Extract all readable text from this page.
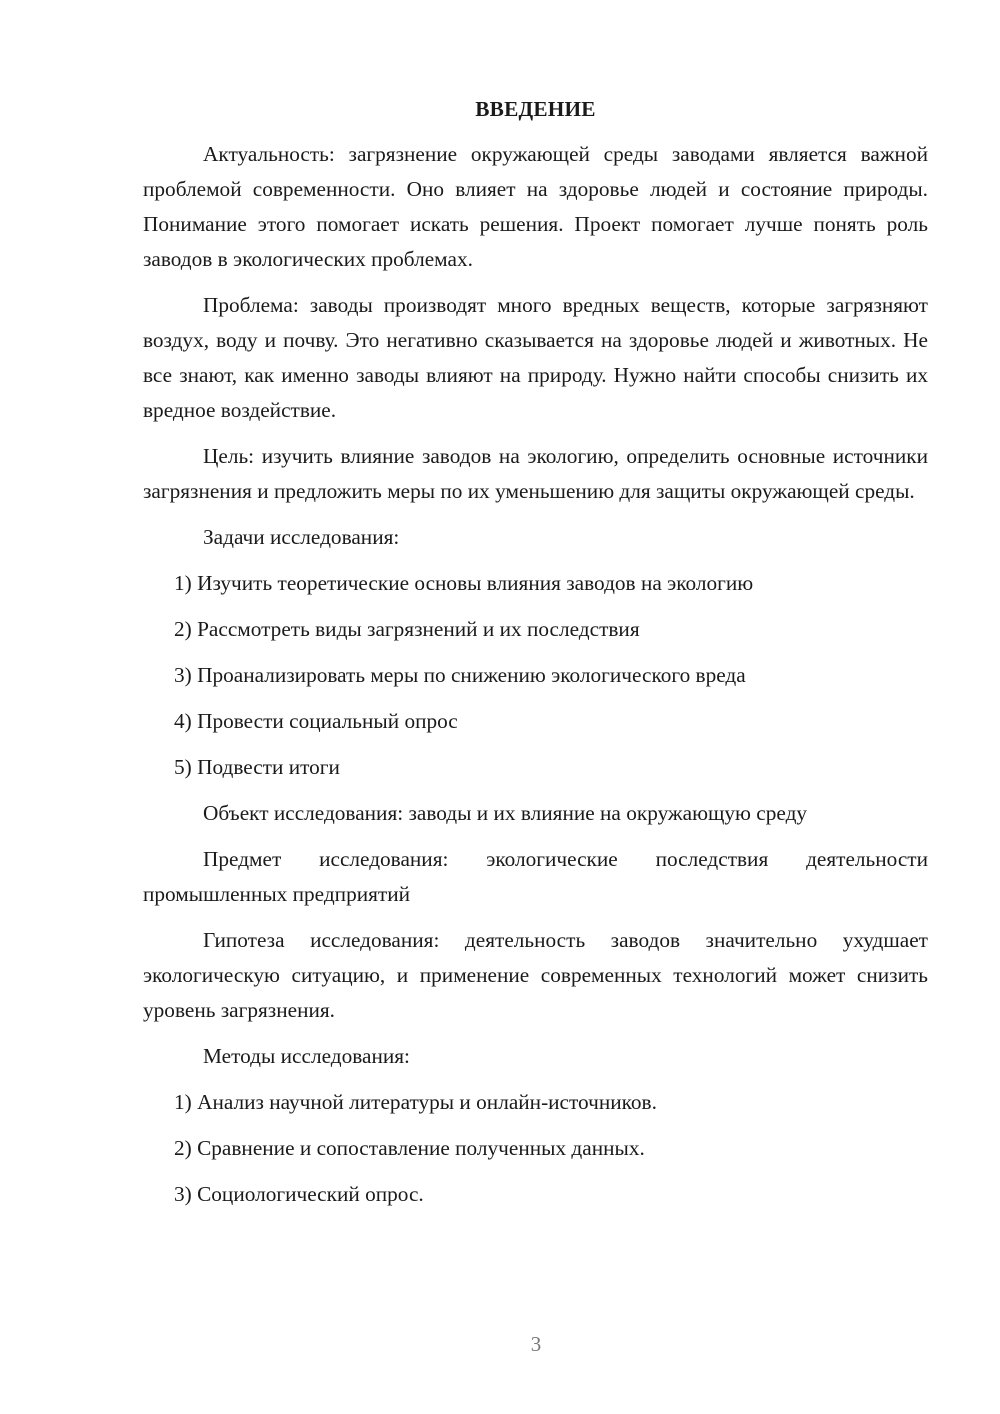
ВВЕДЕНИЕ

Актуальность: загрязнение окружающей среды заводами является важной проблемой современности. Оно влияет на здоровье людей и состояние природы. Понимание этого помогает искать решения. Проект помогает лучше понять роль заводов в экологических проблемах.

Проблема: заводы производят много вредных веществ, которые загрязняют воздух, воду и почву. Это негативно сказывается на здоровье людей и животных. Не все знают, как именно заводы влияют на природу. Нужно найти способы снизить их вредное воздействие.

Цель: изучить влияние заводов на экологию, определить основные источники загрязнения и предложить меры по их уменьшению для защиты окружающей среды.

Задачи исследования:
1) Изучить теоретические основы влияния заводов на экологию
2) Рассмотреть виды загрязнений и их последствия
3) Проанализировать меры по снижению экологического вреда
4) Провести социальный опрос
5) Подвести итоги
Объект исследования: заводы и их влияние на окружающую среду

Предмет исследования: экологические последствия деятельности промышленных предприятий

Гипотеза исследования: деятельность заводов значительно ухудшает экологическую ситуацию, и применение современных технологий может снизить уровень загрязнения.

Методы исследования:
1) Анализ научной литературы и онлайн-источников.
2) Сравнение и сопоставление полученных данных.
3) Социологический опрос.
3
